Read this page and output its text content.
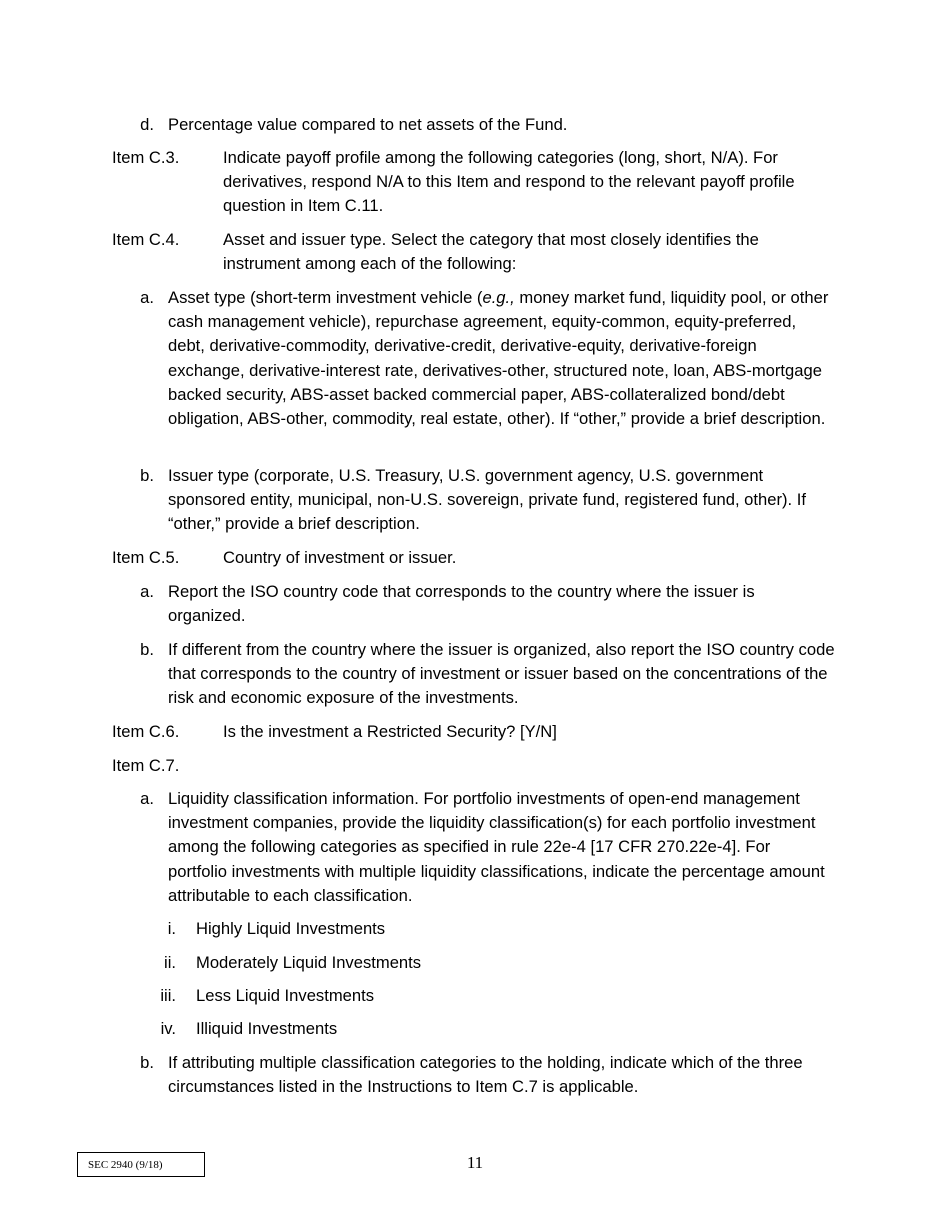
d. Percentage value compared to net assets of the Fund.
Item C.3.	Indicate payoff profile among the following categories (long, short, N/A). For derivatives, respond N/A to this Item and respond to the relevant payoff profile question in Item C.11.
Item C.4.	Asset and issuer type. Select the category that most closely identifies the instrument among each of the following:
a. Asset type (short-term investment vehicle (e.g., money market fund, liquidity pool, or other cash management vehicle), repurchase agreement, equity-common, equity-preferred, debt, derivative-commodity, derivative-credit, derivative-equity, derivative-foreign exchange, derivative-interest rate, derivatives-other, structured note, loan, ABS-mortgage backed security, ABS-asset backed commercial paper, ABS-collateralized bond/debt obligation, ABS-other, commodity, real estate, other). If “other,” provide a brief description.
b. Issuer type (corporate, U.S. Treasury, U.S. government agency, U.S. government sponsored entity, municipal, non-U.S. sovereign, private fund, registered fund, other). If “other,” provide a brief description.
Item C.5.	Country of investment or issuer.
a. Report the ISO country code that corresponds to the country where the issuer is organized.
b. If different from the country where the issuer is organized, also report the ISO country code that corresponds to the country of investment or issuer based on the concentrations of the risk and economic exposure of the investments.
Item C.6.	Is the investment a Restricted Security? [Y/N]
Item C.7.
a. Liquidity classification information. For portfolio investments of open-end management investment companies, provide the liquidity classification(s) for each portfolio investment among the following categories as specified in rule 22e-4 [17 CFR 270.22e-4]. For portfolio investments with multiple liquidity classifications, indicate the percentage amount attributable to each classification.
i. Highly Liquid Investments
ii. Moderately Liquid Investments
iii. Less Liquid Investments
iv. Illiquid Investments
b. If attributing multiple classification categories to the holding, indicate which of the three circumstances listed in the Instructions to Item C.7 is applicable.
SEC 2940 (9/18)	11
